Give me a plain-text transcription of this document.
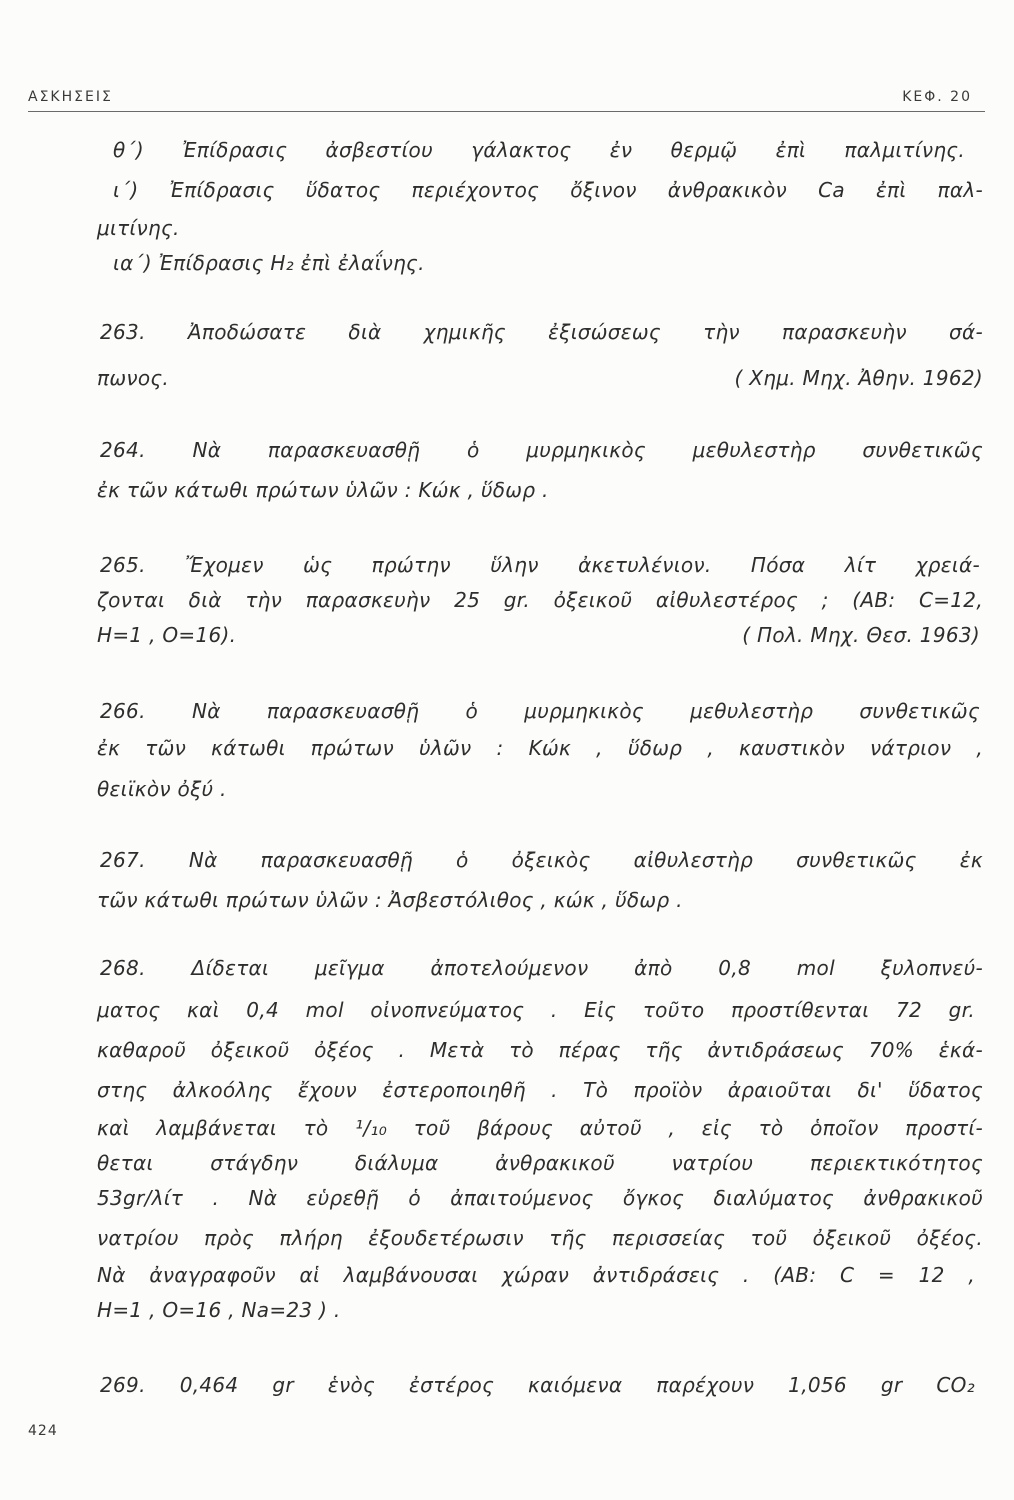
ΑΣΚΗΣΕΙΣ	ΚΕΦ. 20
θ΄) Ἐπίδρασις ἀσβεστίου γάλακτος ἐν θερμῷ ἐπὶ παλμιτίνης.
ι΄) Ἐπίδρασις ὕδατος περιέχοντος ὄξινον ἀνθρακικὸν Ca ἐπὶ παλ-
μιτίνης.
ια΄) Ἐπίδρασις H₂ ἐπὶ ἐλαΐνης.
263. Ἀποδώσατε διὰ χημικῆς ἐξισώσεως τὴν παρασκευὴν σά-
πωνος.	( Χημ. Μηχ. Ἀθην. 1962)
264. Νὰ παρασκευασθῇ ὁ μυρμηκικὸς μεθυλεστὴρ συνθετικῶς
ἐκ τῶν κάτωθι πρώτων ὑλῶν : Κώκ , ὕδωρ .
265. Ἔχομεν ὡς πρώτην ὕλην ἀκετυλένιον. Πόσα λίτ χρειά-
ζονται διὰ τὴν παρασκευὴν 25 gr. ὀξεικοῦ αἰθυλεστέρος ; (ΑΒ: C=12,
H=1 , O=16).	( Πολ. Μηχ. Θεσ. 1963)
266. Νὰ παρασκευασθῇ ὁ μυρμηκικὸς μεθυλεστὴρ συνθετικῶς
ἐκ τῶν κάτωθι πρώτων ὑλῶν : Κώκ , ὕδωρ , καυστικὸν νάτριον ,
θειϊκὸν ὀξύ .
267. Νὰ παρασκευασθῇ ὁ ὀξεικὸς αἰθυλεστὴρ συνθετικῶς ἐκ
τῶν κάτωθι πρώτων ὑλῶν : Ἀσβεστόλιθος , κώκ , ὕδωρ .
268. Δίδεται μεῖγμα ἀποτελούμενον ἀπὸ 0,8 mol ξυλοπνεύ-
ματος καὶ 0,4 mol οἰνοπνεύματος . Εἰς τοῦτο προστίθενται 72 gr.
καθαροῦ ὀξεικοῦ ὀξέος . Μετὰ τὸ πέρας τῆς ἀντιδράσεως 70% ἑκά-
στης ἀλκοόλης ἔχουν ἐστεροποιηθῆ . Τὸ προϊὸν ἀραιοῦται δι' ὕδατος
καὶ λαμβάνεται τὸ ¹/₁₀ τοῦ βάρους αὐτοῦ , εἰς τὸ ὁποῖον προστί-
θεται στάγδην διάλυμα ἀνθρακικοῦ νατρίου περιεκτικότητος
53gr/λίτ . Νὰ εὑρεθῇ ὁ ἀπαιτούμενος ὄγκος διαλύματος ἀνθρακικοῦ
νατρίου πρὸς πλήρη ἐξουδετέρωσιν τῆς περισσείας τοῦ ὀξεικοῦ ὀξέος.
Νὰ ἀναγραφοῦν αἱ λαμβάνουσαι χώραν ἀντιδράσεις . (ΑΒ: C = 12 ,
H=1 , O=16 , Na=23 ) .
269. 0,464 gr ἑνὸς ἐστέρος καιόμενα παρέχουν 1,056 gr CO₂
424
